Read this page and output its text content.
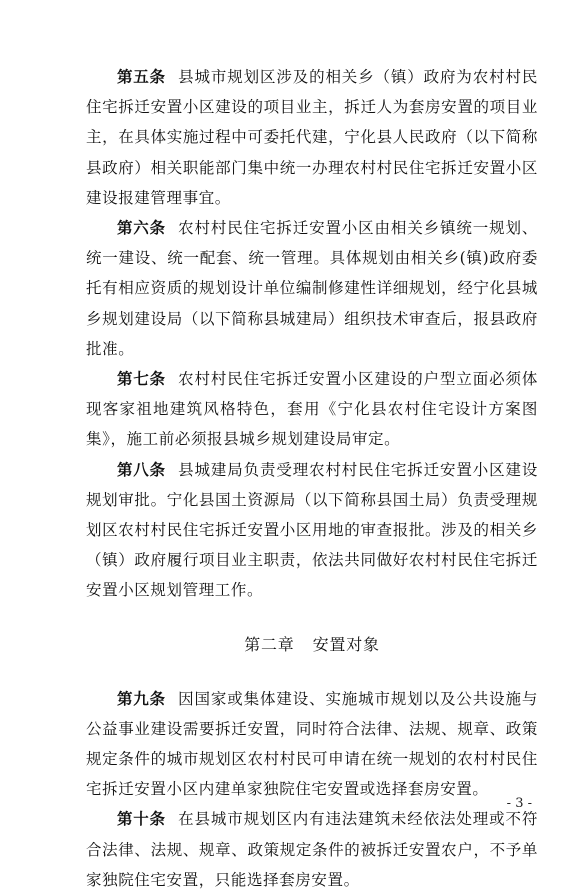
第五条 县城市规划区涉及的相关乡（镇）政府为农村村民住宅拆迁安置小区建设的项目业主，拆迁人为套房安置的项目业主，在具体实施过程中可委托代建，宁化县人民政府（以下简称县政府）相关职能部门集中统一办理农村村民住宅拆迁安置小区建设报建管理事宜。

第六条 农村村民住宅拆迁安置小区由相关乡镇统一规划、统一建设、统一配套、统一管理。具体规划由相关乡(镇)政府委托有相应资质的规划设计单位编制修建性详细规划，经宁化县城乡规划建设局（以下简称县城建局）组织技术审查后，报县政府批准。

第七条 农村村民住宅拆迁安置小区建设的户型立面必须体现客家祖地建筑风格特色，套用《宁化县农村住宅设计方案图集》，施工前必须报县城乡规划建设局审定。

第八条 县城建局负责受理农村村民住宅拆迁安置小区建设规划审批。宁化县国土资源局（以下简称县国土局）负责受理规划区农村村民住宅拆迁安置小区用地的审查报批。涉及的相关乡（镇）政府履行项目业主职责，依法共同做好农村村民住宅拆迁安置小区规划管理工作。

第二章 安置对象

第九条 因国家或集体建设、实施城市规划以及公共设施与公益事业建设需要拆迁安置，同时符合法律、法规、规章、政策规定条件的城市规划区农村村民可申请在统一规划的农村村民住宅拆迁安置小区内建单家独院住宅安置或选择套房安置。

第十条 在县城市规划区内有违法建筑未经依法处理或不符合法律、法规、规章、政策规定条件的被拆迁安置农户，不予单家独院住宅安置，只能选择套房安置。

- 3 -
